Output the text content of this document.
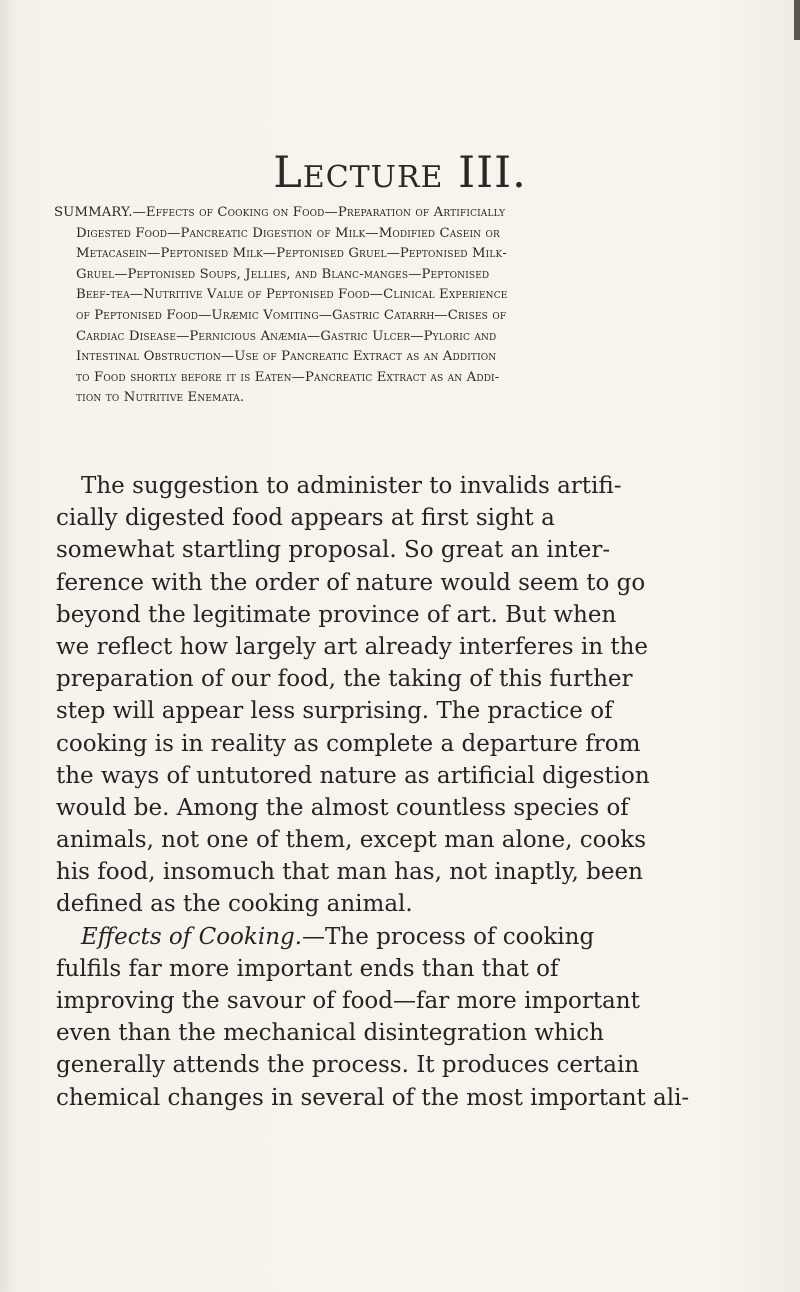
Lecture III.
SUMMARY.—Effects of Cooking on Food—Preparation of Artificially
Digested Food—Pancreatic Digestion of Milk—Modified Casein or
Metacasein—Peptonised Milk—Peptonised Gruel—Peptonised Milk-
Gruel—Peptonised Soups, Jellies, and Blanc-manges—Peptonised
Beef-tea—Nutritive Value of Peptonised Food—Clinical Experience
of Peptonised Food—Uræmic Vomiting—Gastric Catarrh—Crises of
Cardiac Disease—Pernicious Anæmia—Gastric Ulcer—Pyloric and
Intestinal Obstruction—Use of Pancreatic Extract as an Addition
to Food shortly before it is Eaten—Pancreatic Extract as an Addi-
tion to Nutritive Enemata.
The suggestion to administer to invalids artifi-
cially digested food appears at first sight a
somewhat startling proposal. So great an inter-
ference with the order of nature would seem to go
beyond the legitimate province of art. But when
we reflect how largely art already interferes in the
preparation of our food, the taking of this further
step will appear less surprising. The practice of
cooking is in reality as complete a departure from
the ways of untutored nature as artificial digestion
would be. Among the almost countless species of
animals, not one of them, except man alone, cooks
his food, insomuch that man has, not inaptly, been
defined as the cooking animal.
Effects of Cooking.—The process of cooking
fulfils far more important ends than that of
improving the savour of food—far more important
even than the mechanical disintegration which
generally attends the process. It produces certain
chemical changes in several of the most important ali-
